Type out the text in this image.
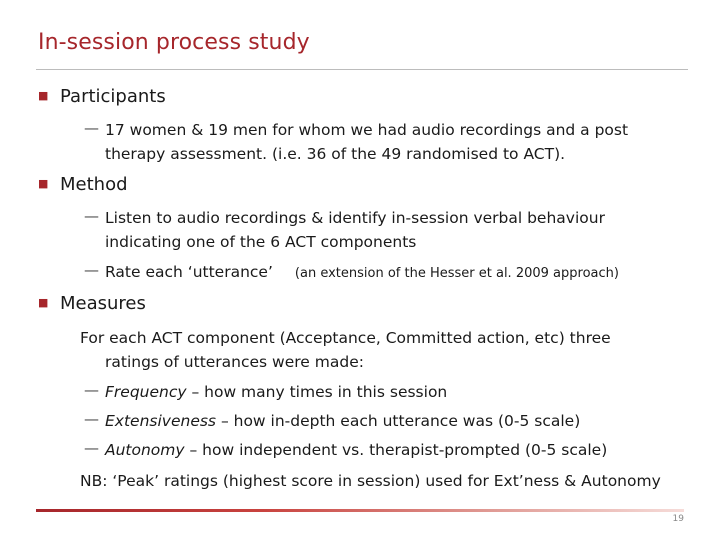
In-session process study
■ Participants
— 17 women & 19 men for whom we had audio recordings and a post
therapy assessment. (i.e. 36 of the 49 randomised to ACT).
■ Method
— Listen to audio recordings & identify in-session verbal behaviour
indicating one of the 6 ACT components
— Rate each ‘utterance’ (an extension of the Hesser et al. 2009 approach)
■ Measures
For each ACT component (Acceptance, Committed action, etc) three
ratings of utterances were made:
— Frequency – how many times in this session
— Extensiveness – how in-depth each utterance was (0-5 scale)
— Autonomy – how independent vs. therapist-prompted (0-5 scale)
NB: ‘Peak’ ratings (highest score in session) used for Ext’ness & Autonomy
19
